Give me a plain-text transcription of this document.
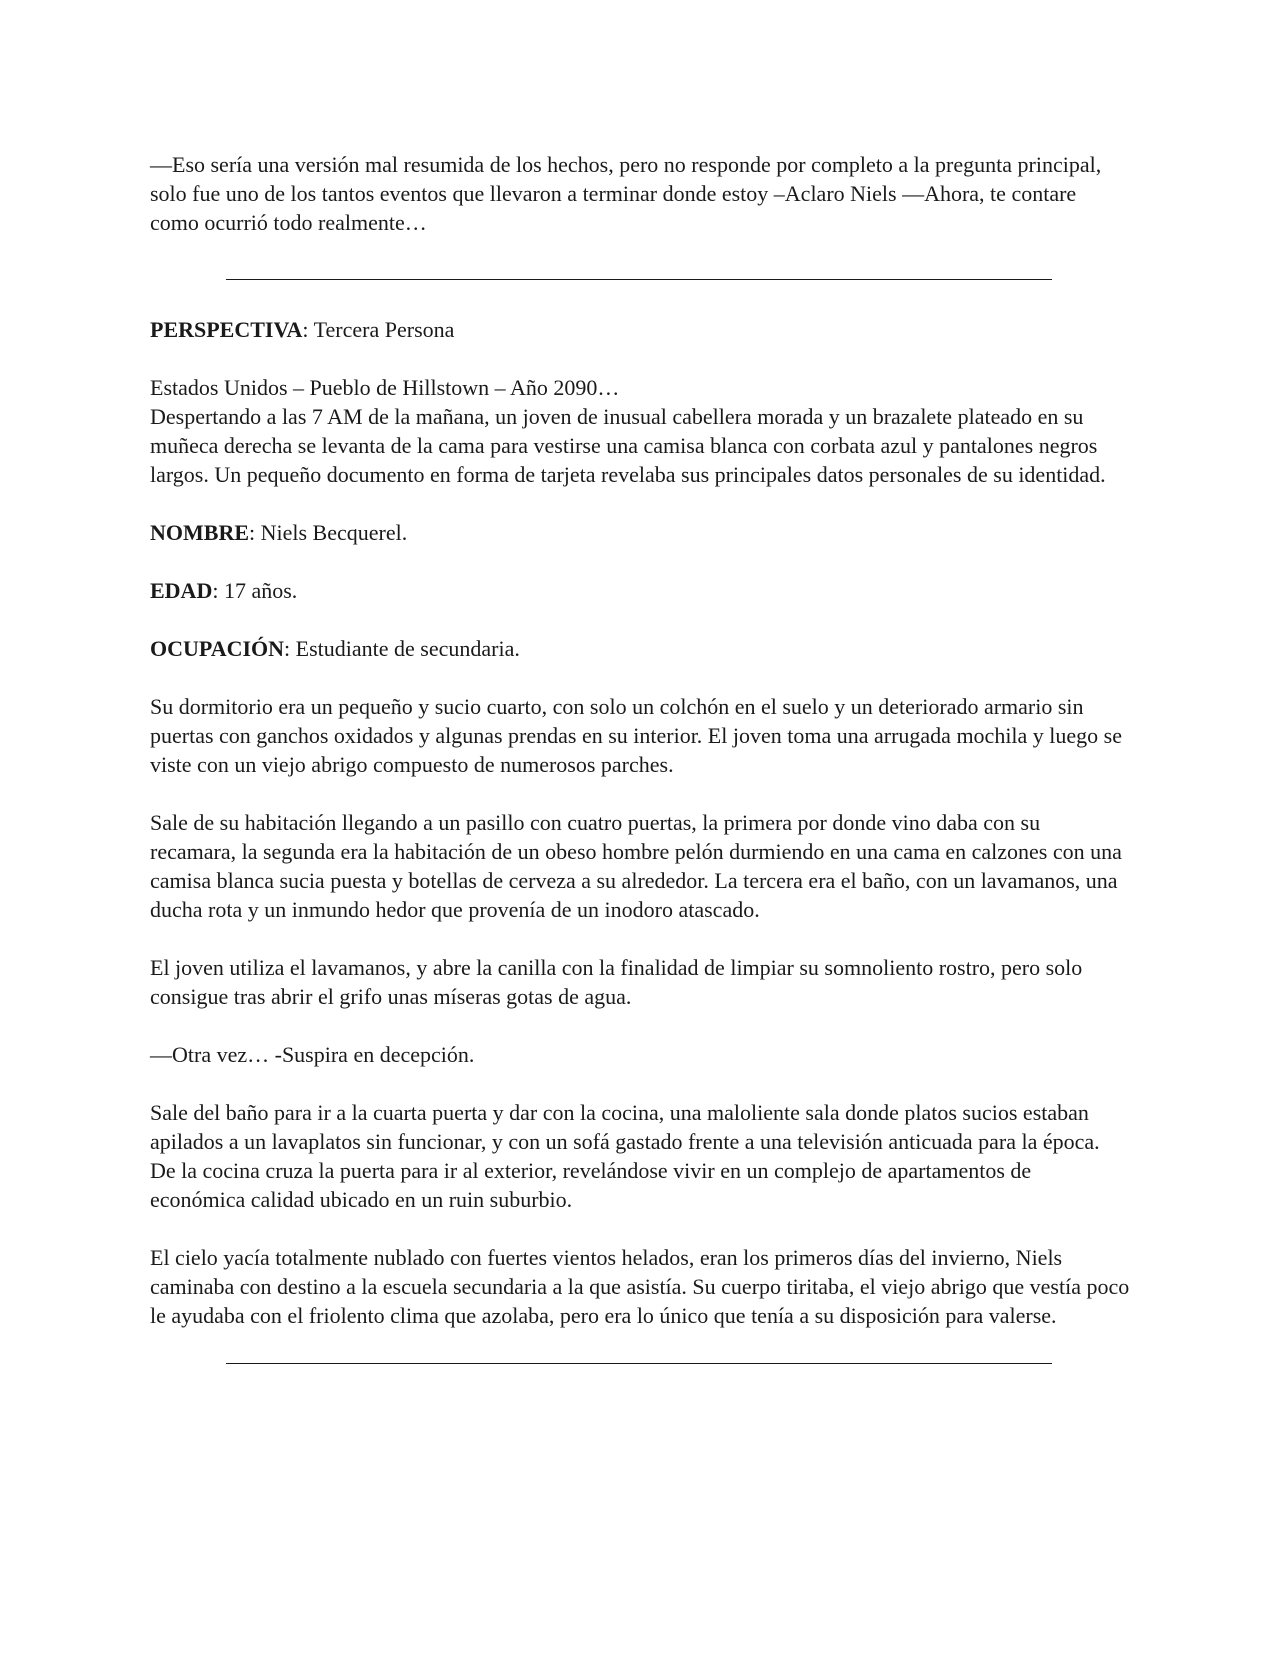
—Eso sería una versión mal resumida de los hechos, pero no responde por completo a la pregunta principal, solo fue uno de los tantos eventos que llevaron a terminar donde estoy –Aclaro Niels —Ahora, te contare como ocurrió todo realmente…

PERSPECTIVA: Tercera Persona

Estados Unidos – Pueblo de Hillstown – Año 2090…

Despertando a las 7 AM de la mañana, un joven de inusual cabellera morada y un brazalete plateado en su muñeca derecha se levanta de la cama para vestirse una camisa blanca con corbata azul y pantalones negros largos. Un pequeño documento en forma de tarjeta revelaba sus principales datos personales de su identidad.

NOMBRE: Niels Becquerel.

EDAD: 17 años.

OCUPACIÓN: Estudiante de secundaria.

Su dormitorio era un pequeño y sucio cuarto, con solo un colchón en el suelo y un deteriorado armario sin puertas con ganchos oxidados y algunas prendas en su interior. El joven toma una arrugada mochila y luego se viste con un viejo abrigo compuesto de numerosos parches.

Sale de su habitación llegando a un pasillo con cuatro puertas, la primera por donde vino daba con su recamara, la segunda era la habitación de un obeso hombre pelón durmiendo en una cama en calzones con una camisa blanca sucia puesta y botellas de cerveza a su alrededor. La tercera era el baño, con un lavamanos, una ducha rota y un inmundo hedor que provenía de un inodoro atascado.

El joven utiliza el lavamanos, y abre la canilla con la finalidad de limpiar su somnoliento rostro, pero solo consigue tras abrir el grifo unas míseras gotas de agua.

—Otra vez… -Suspira en decepción.

Sale del baño para ir a la cuarta puerta y dar con la cocina, una maloliente sala donde platos sucios estaban apilados a un lavaplatos sin funcionar, y con un sofá gastado frente a una televisión anticuada para la época. De la cocina cruza la puerta para ir al exterior, revelándose vivir en un complejo de apartamentos de económica calidad ubicado en un ruin suburbio.

El cielo yacía totalmente nublado con fuertes vientos helados, eran los primeros días del invierno, Niels caminaba con destino a la escuela secundaria a la que asistía. Su cuerpo tiritaba, el viejo abrigo que vestía poco le ayudaba con el friolento clima que azolaba, pero era lo único que tenía a su disposición para valerse.
